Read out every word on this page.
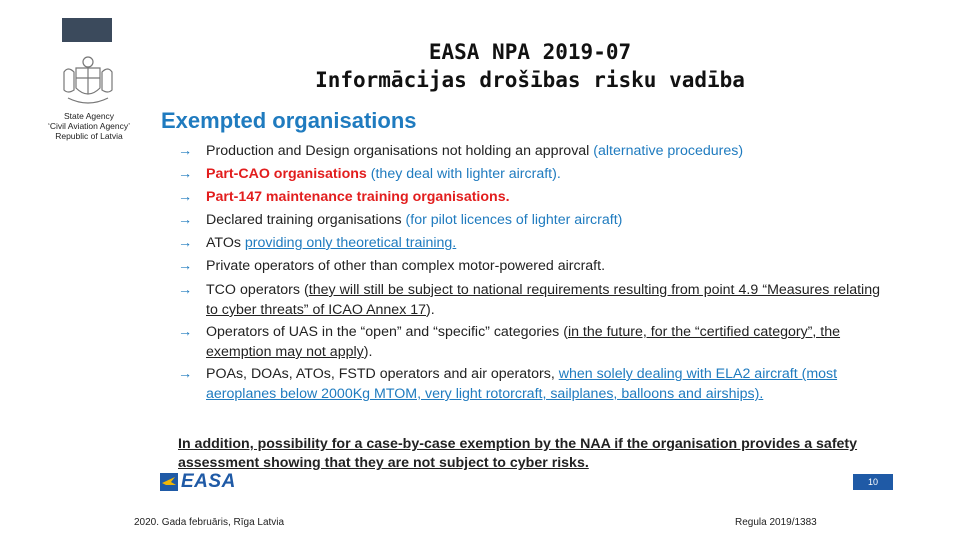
State Agency
‘Civil Aviation Agency’
Republic of Latvia
EASA NPA 2019-07
Informācijas drošības risku vadība
Exempted organisations
→ Production and Design organisations not holding an approval (alternative procedures)
→ Part-CAO organisations (they deal with lighter aircraft).
→ Part-147 maintenance training organisations.
→ Declared training organisations (for pilot licences of lighter aircraft)
→ ATOs providing only theoretical training.
→ Private operators of other than complex motor-powered aircraft.
→ TCO operators (they will still be subject to national requirements resulting from point 4.9 “Measures relating to cyber threats” of ICAO Annex 17).
→ Operators of UAS in the “open” and “specific” categories (in the future, for the “certified category”, the exemption may not apply).
→ POAs, DOAs, ATOs, FSTD operators and air operators, when solely dealing with ELA2 aircraft (most aeroplanes below 2000Kg MTOM, very light rotorcraft, sailplanes, balloons and airships).
In addition, possibility for a case-by-case exemption by the NAA if the organisation provides a safety assessment showing that they are not subject to cyber risks.
EASA	10
2020. Gada februāris, Rīga Latvia	Regula 2019/1383
